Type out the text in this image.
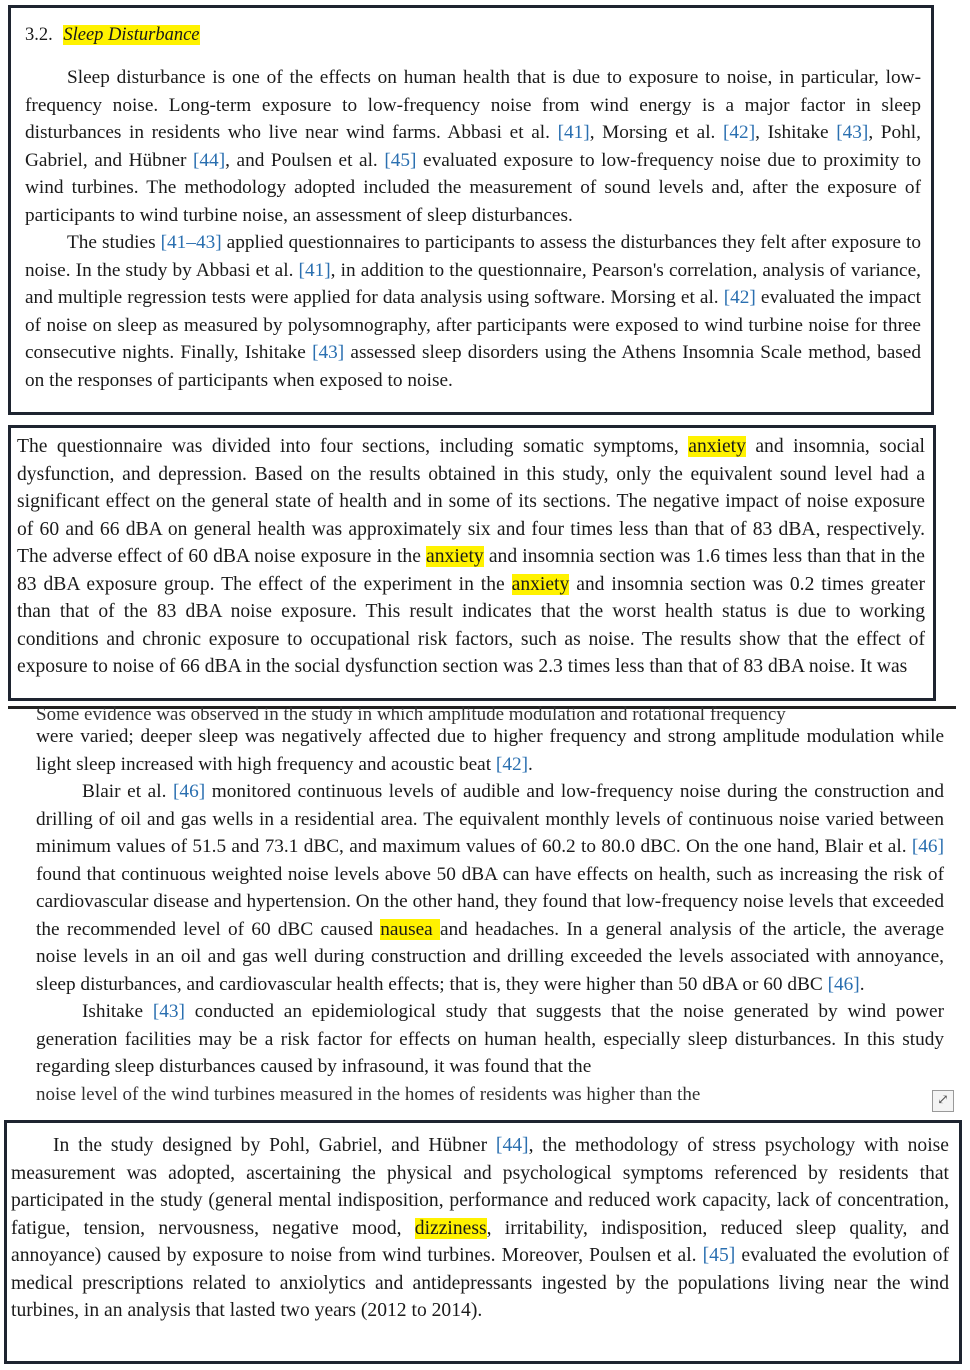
3.2. Sleep Disturbance

Sleep disturbance is one of the effects on human health that is due to exposure to noise, in particular, low-frequency noise. Long-term exposure to low-frequency noise from wind energy is a major factor in sleep disturbances in residents who live near wind farms. Abbasi et al. [41], Morsing et al. [42], Ishitake [43], Pohl, Gabriel, and Hübner [44], and Poulsen et al. [45] evaluated exposure to low-frequency noise due to proximity to wind turbines. The methodology adopted included the measurement of sound levels and, after the exposure of participants to wind turbine noise, an assessment of sleep disturbances.

The studies [41–43] applied questionnaires to participants to assess the disturbances they felt after exposure to noise. In the study by Abbasi et al. [41], in addition to the questionnaire, Pearson's correlation, analysis of variance, and multiple regression tests were applied for data analysis using software. Morsing et al. [42] evaluated the impact of noise on sleep as measured by polysomnography, after participants were exposed to wind turbine noise for three consecutive nights. Finally, Ishitake [43] assessed sleep disorders using the Athens Insomnia Scale method, based on the responses of participants when exposed to noise.

The questionnaire was divided into four sections, including somatic symptoms, anxiety and insomnia, social dysfunction, and depression. Based on the results obtained in this study, only the equivalent sound level had a significant effect on the general state of health and in some of its sections. The negative impact of noise exposure of 60 and 66 dBA on general health was approximately six and four times less than that of 83 dBA, respectively. The adverse effect of 60 dBA noise exposure in the anxiety and insomnia section was 1.6 times less than that in the 83 dBA exposure group. The effect of the experiment in the anxiety and insomnia section was 0.2 times greater than that of the 83 dBA noise exposure. This result indicates that the worst health status is due to working conditions and chronic exposure to occupational risk factors, such as noise. The results show that the effect of exposure to noise of 66 dBA in the social dysfunction section was 2.3 times less than that of 83 dBA noise. It was

Some evidence was observed in the study in which amplitude modulation and rotational frequency

were varied; deeper sleep was negatively affected due to higher frequency and strong amplitude modulation while light sleep increased with high frequency and acoustic beat [42].

Blair et al. [46] monitored continuous levels of audible and low-frequency noise during the construction and drilling of oil and gas wells in a residential area. The equivalent monthly levels of continuous noise varied between minimum values of 51.5 and 73.1 dBC, and maximum values of 60.2 to 80.0 dBC. On the one hand, Blair et al. [46] found that continuous weighted noise levels above 50 dBA can have effects on health, such as increasing the risk of cardiovascular disease and hypertension. On the other hand, they found that low-frequency noise levels that exceeded the recommended level of 60 dBC caused nausea and headaches. In a general analysis of the article, the average noise levels in an oil and gas well during construction and drilling exceeded the levels associated with annoyance, sleep disturbances, and cardiovascular health effects; that is, they were higher than 50 dBA or 60 dBC [46].

Ishitake [43] conducted an epidemiological study that suggests that the noise generated by wind power generation facilities may be a risk factor for effects on human health, especially sleep disturbances. In this study regarding sleep disturbances caused by infrasound, it was found that the

noise level of the wind turbines measured in the homes of residents was higher than the	⤢

In the study designed by Pohl, Gabriel, and Hübner [44], the methodology of stress psychology with noise measurement was adopted, ascertaining the physical and psychological symptoms referenced by residents that participated in the study (general mental indisposition, performance and reduced work capacity, lack of concentration, fatigue, tension, nervousness, negative mood, dizziness, irritability, indisposition, reduced sleep quality, and annoyance) caused by exposure to noise from wind turbines. Moreover, Poulsen et al. [45] evaluated the evolution of medical prescriptions related to anxiolytics and antidepressants ingested by the populations living near the wind turbines, in an analysis that lasted two years (2012 to 2014).
